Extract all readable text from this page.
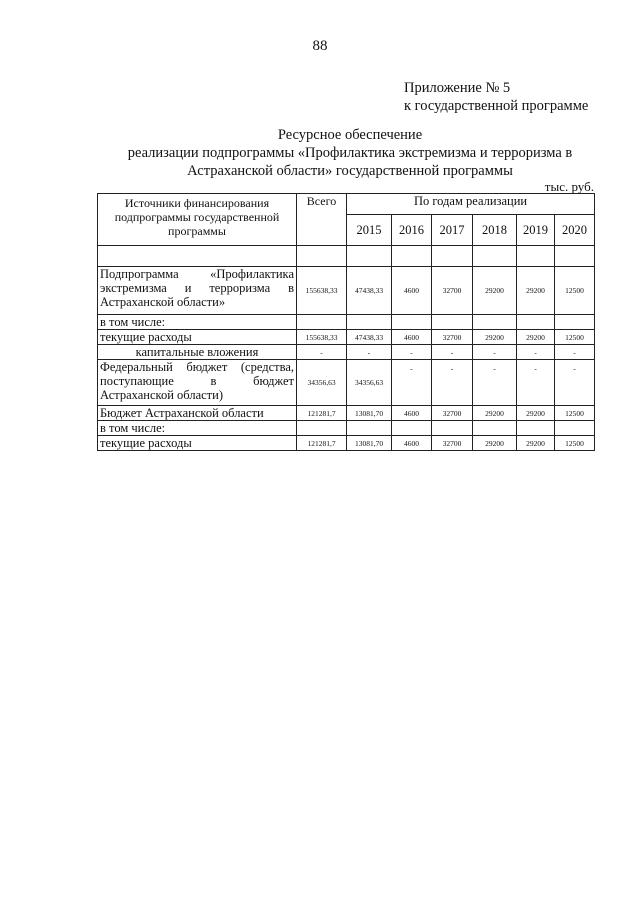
88
Приложение № 5
к государственной программе
Ресурсное обеспечение
реализации подпрограммы «Профилактика экстремизма и терроризма в
Астраханской области» государственной программы
тыс. руб.
Источники финансирования подпрограммы государственной программы	Всего	По годам реализации					
		2015	2016	2017	2018	2019	2020

Подпрограмма «Профилактика экстремизма и терроризма в Астраханской области»	155638,33	47438,33	4600	32700	29200	29200	12500
в том числе:							
текущие расходы	155638,33	47438,33	4600	32700	29200	29200	12500
капитальные вложения	-	-	-	-	-	-	-
Федеральный бюджет (средства, поступающие в бюджет Астраханской области)	34356,63	34356,63	-	-	-	-	-
Бюджет Астраханской области	121281,7	13081,70	4600	32700	29200	29200	12500
в том числе:							
текущие расходы	121281,7	13081,70	4600	32700	29200	29200	12500
